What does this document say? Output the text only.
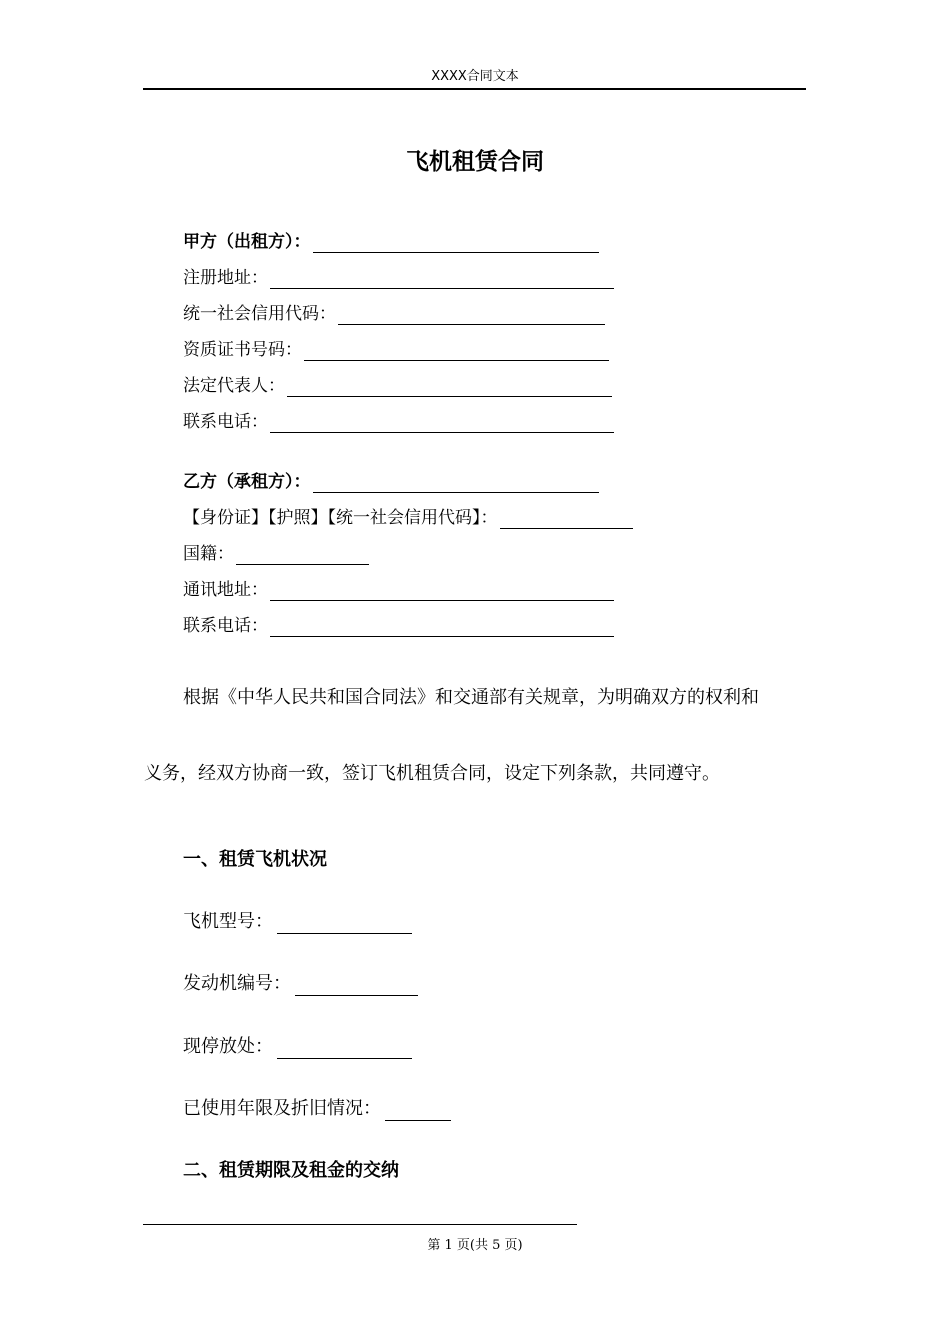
XXXX合同文本
飞机租赁合同
甲方（出租方）：
注册地址：
统一社会信用代码：
资质证书号码：
法定代表人：
联系电话：
乙方（承租方）：
【身份证】【护照】【统一社会信用代码】：
国籍：
通讯地址：
联系电话：
根据《中华人民共和国合同法》和交通部有关规章，为明确双方的权利和
义务，经双方协商一致，签订飞机租赁合同，设定下列条款，共同遵守。
一、租赁飞机状况
飞机型号：
发动机编号：
现停放处：
已使用年限及折旧情况：
二、租赁期限及租金的交纳
第 1 页(共 5 页)
